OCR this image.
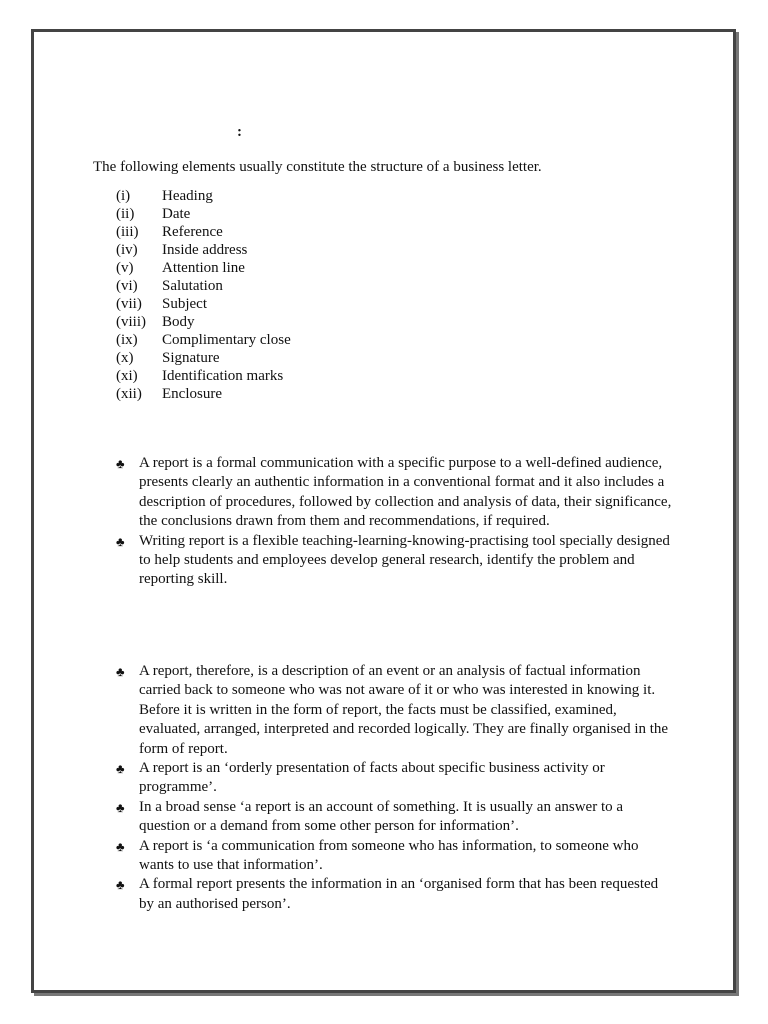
:

The following elements usually constitute the structure of a business letter.

(i)	Heading
(ii)	Date
(iii)	Reference
(iv)	Inside address
(v)	Attention line
(vi)	Salutation
(vii)	Subject
(viii)	Body
(ix)	Complimentary close
(x)	Signature
(xi)	Identification marks
(xii)	Enclosure
♣ A report is a formal communication with a specific purpose to a well-defined audience, presents clearly an authentic information in a conventional format and it also includes a description of procedures, followed by collection and analysis of data, their significance, the conclusions drawn from them and recommendations, if required.
♣ Writing report is a flexible teaching-learning-knowing-practising tool specially designed to help students and employees develop general research, identify the problem and reporting skill.
♣ A report, therefore, is a description of an event or an analysis of factual information carried back to someone who was not aware of it or who was interested in knowing it. Before it is written in the form of report, the facts must be classified, examined, evaluated, arranged, interpreted and recorded logically. They are finally organised in the form of report.
♣ A report is an ‘orderly presentation of facts about specific business activity or programme’.
♣ In a broad sense ‘a report is an account of something. It is usually an answer to a question or a demand from some other person for information’.
♣ A report is ‘a communication from someone who has information, to someone who wants to use that information’.
♣ A formal report presents the information in an ‘organised form that has been requested by an authorised person’.
